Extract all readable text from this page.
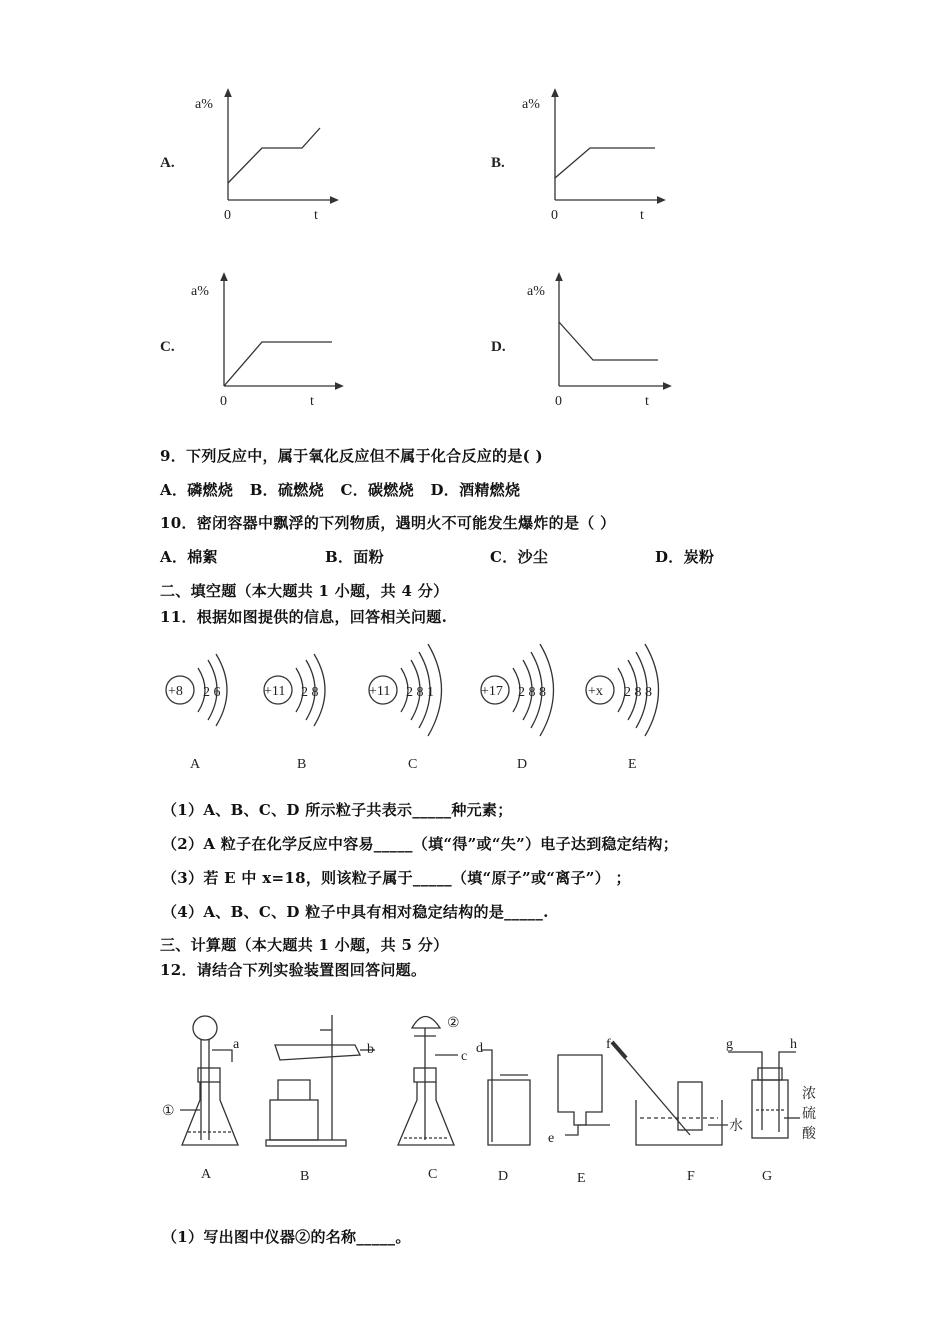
A.
a%
0	t
B.
a%
0	t
C.
a%
0	t
D.
a%
0	t
+8 2 6
A
+11 2 8
B
+11 2 8 1
C
+17 2 8 8
D
+x 2 8 8
E
a
①
A
b
B
②
c
C
d
D
e
E
f
水
F
g	h
浓
硫
酸
G
9．下列反应中，属于氧化反应但不属于化合反应的是( )
A．磷燃烧   B．硫燃烧   C．碳燃烧   D．酒精燃烧
10．密闭容器中飘浮的下列物质，遇明火不可能发生爆炸的是（ ）
A．棉絮	B．面粉	C．沙尘	D．炭粉
二、填空题（本大题共 1 小题，共 4 分）
11．根据如图提供的信息，回答相关问题.
（1）A、B、C、D 所示粒子共表示_____种元素；
（2）A 粒子在化学反应中容易_____（填“得”或“失”）电子达到稳定结构；
（3）若 E 中 x=18，则该粒子属于_____（填“原子”或“离子”） ；
（4）A、B、C、D 粒子中具有相对稳定结构的是_____.
三、计算题（本大题共 1 小题，共 5 分）
12．请结合下列实验装置图回答问题。
（1）写出图中仪器②的名称_____。
